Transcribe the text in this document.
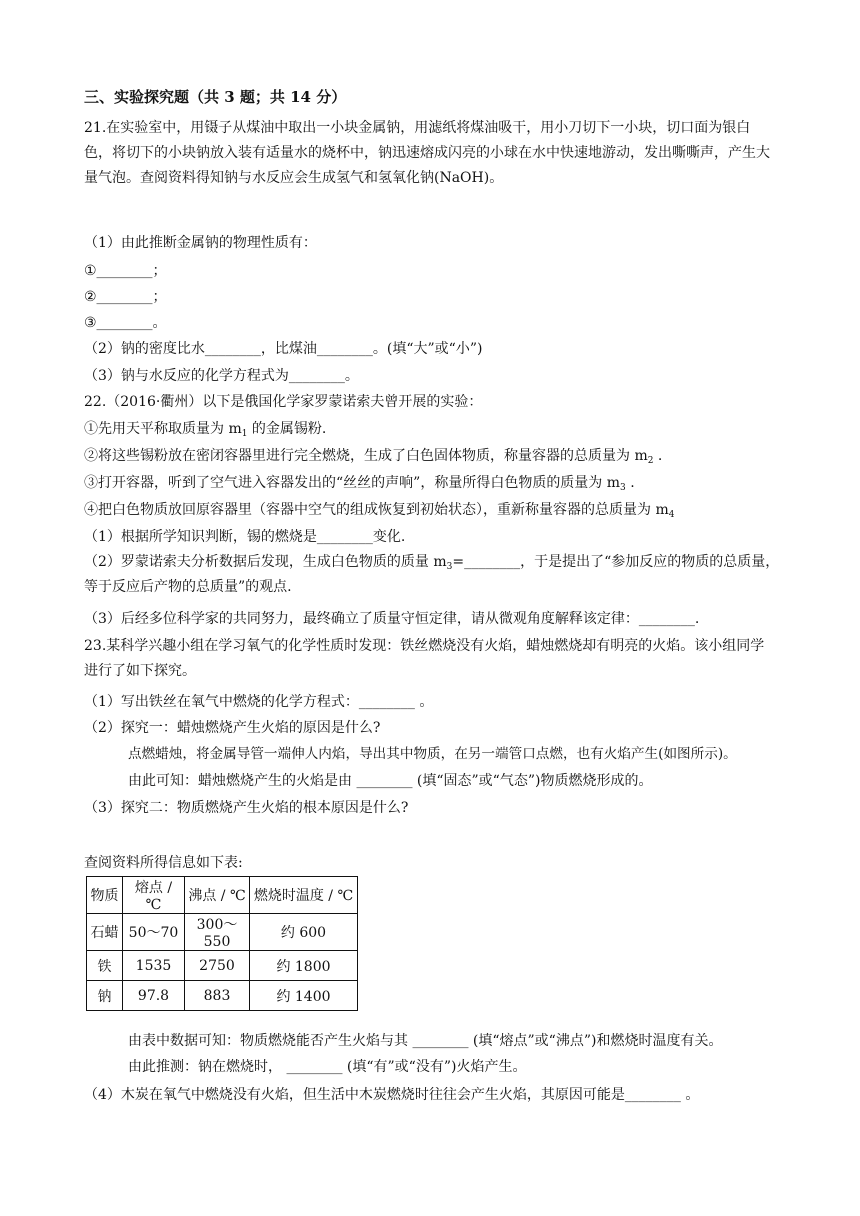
三、实验探究题（共 3 题；共 14 分）
21.在实验室中，用镊子从煤油中取出一小块金属钠，用滤纸将煤油吸干，用小刀切下一小块，切口面为银白色，将切下的小块钠放入装有适量水的烧杯中，钠迅速熔成闪亮的小球在水中快速地游动，发出嘶嘶声，产生大量气泡。查阅资料得知钠与水反应会生成氢气和氢氧化钠(NaOH)。
（1）由此推断金属钠的物理性质有：
①________；
②________；
③________。
（2）钠的密度比水________，比煤油________。(填“大”或“小”)
（3）钠与水反应的化学方程式为________。
22.（2016·衢州）以下是俄国化学家罗蒙诺索夫曾开展的实验：
①先用天平称取质量为 $m_1$ 的金属锡粉.
②将这些锡粉放在密闭容器里进行完全燃烧，生成了白色固体物质，称量容器的总质量为 $m_2$ .
③打开容器，听到了空气进入容器发出的“丝丝的声响”，称量所得白色物质的质量为 $m_3$ .
④把白色物质放回原容器里（容器中空气的组成恢复到初始状态），重新称量容器的总质量为 $m_4$
（1）根据所学知识判断，锡的燃烧是________变化.
（2）罗蒙诺索夫分析数据后发现，生成白色物质的质量 $m_3=\_\_\_\_\_\_\_\_$，于是提出了“参加反应的物质的总质量，等于反应后产物的总质量”的观点.
（3）后经多位科学家的共同努力，最终确立了质量守恒定律，请从微观角度解释该定律：________.
23.某科学兴趣小组在学习氧气的化学性质时发现：铁丝燃烧没有火焰，蜡烛燃烧却有明亮的火焰。该小组同学进行了如下探究。
（1）写出铁丝在氧气中燃烧的化学方程式：________ 。
（2）探究一：蜡烛燃烧产生火焰的原因是什么?
点燃蜡烛，将金属导管一端伸人内焰，导出其中物质，在另一端管口点燃，也有火焰产生(如图所示)。
由此可知：蜡烛燃烧产生的火焰是由 ________ (填“固态”或“气态”)物质燃烧形成的。
（3）探究二：物质燃烧产生火焰的根本原因是什么?
查阅资料所得信息如下表:
物质	熔点 / ℃	沸点 / ℃	燃烧时温度 / ℃
石蜡	50～70	300～550	约 600
铁	1535	2750	约 1800
钠	97.8	883	约 1400
由表中数据可知：物质燃烧能否产生火焰与其 ________ (填“熔点”或“沸点”)和燃烧时温度有关。
由此推测：钠在燃烧时， ________ (填“有”或“没有”)火焰产生。
（4）木炭在氧气中燃烧没有火焰，但生活中木炭燃烧时往往会产生火焰，其原因可能是________ 。
